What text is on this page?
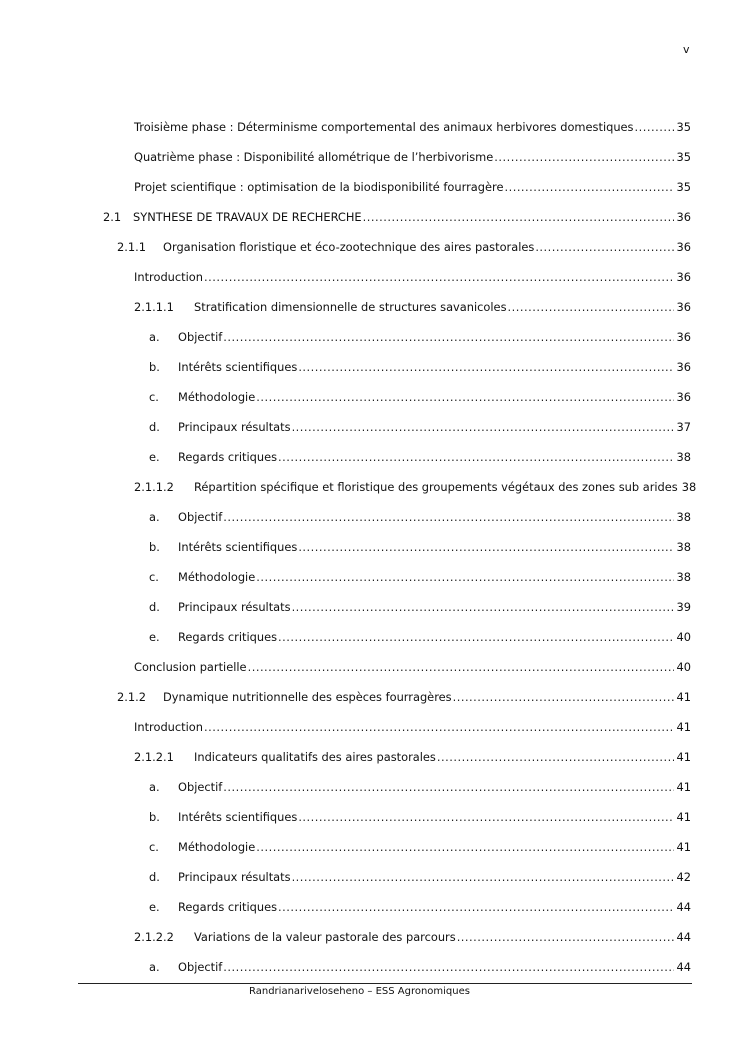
v
Troisième phase : Déterminisme comportemental des animaux herbivores domestiques .....	35
Quatrième phase : Disponibilité allométrique de l’herbivorisme .....	35
Projet scientifique : optimisation de la biodisponibilité fourragère .....	35
2.1	SYNTHESE DE TRAVAUX DE RECHERCHE .....	36
2.1.1	Organisation floristique et éco-zootechnique des aires pastorales .....	36
Introduction .....	36
2.1.1.1	Stratification dimensionnelle de structures savanicoles .....	36
a.	Objectif .....	36
b.	Intérêts scientifiques .....	36
c.	Méthodologie .....	36
d.	Principaux résultats .....	37
e.	Regards critiques .....	38
2.1.1.2	Répartition spécifique et floristique des groupements végétaux des zones sub arides 38
a.	Objectif .....	38
b.	Intérêts scientifiques .....	38
c.	Méthodologie .....	38
d.	Principaux résultats .....	39
e.	Regards critiques .....	40
Conclusion partielle .....	40
2.1.2	Dynamique nutritionnelle des espèces fourragères .....	41
Introduction .....	41
2.1.2.1	Indicateurs qualitatifs des aires pastorales .....	41
a.	Objectif .....	41
b.	Intérêts scientifiques .....	41
c.	Méthodologie .....	41
d.	Principaux résultats .....	42
e.	Regards critiques .....	44
2.1.2.2	Variations de la valeur pastorale des parcours .....	44
a.	Objectif .....	44
Randrianariveloseheno – ESS Agronomiques
